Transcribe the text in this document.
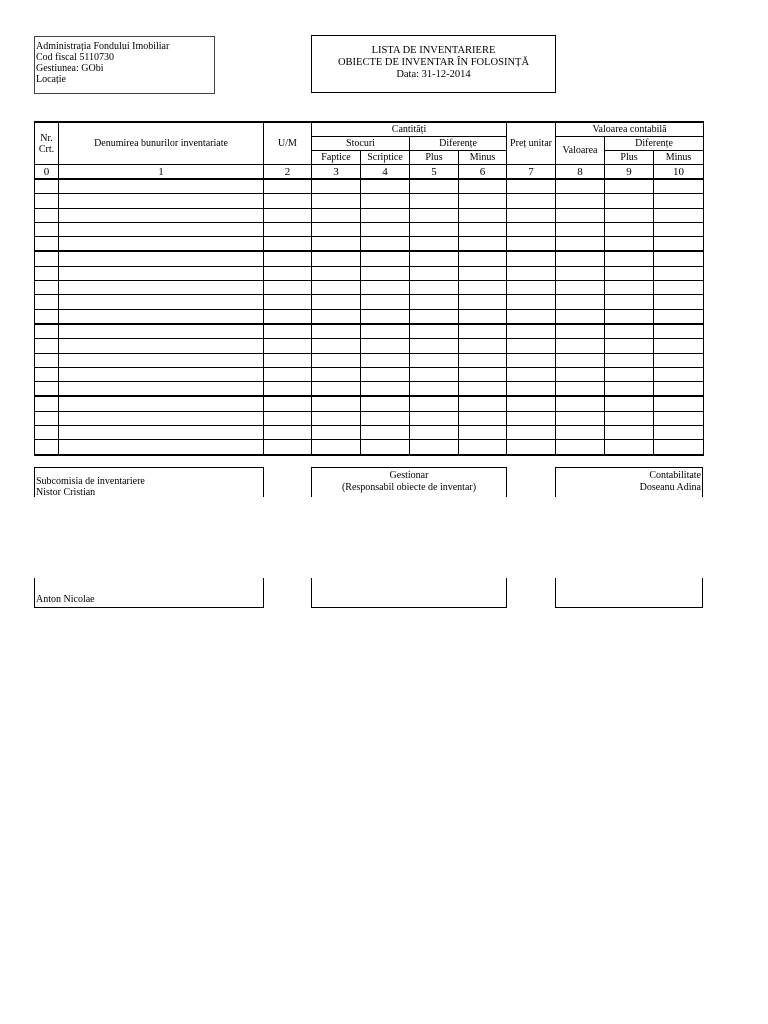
Administrația Fondului Imobiliar
Cod fiscal 5110730
Gestiunea: GObi
Locație
LISTA DE INVENTARIERE
OBIECTE DE INVENTAR ÎN FOLOSINȚĂ
Data: 31-12-2014
Nr.
Crt.	Denumirea bunurilor inventariate	U/M	Cantități				Preț unitar	Valoarea contabilă		
			Stocuri		Diferențe			Valoarea	Diferențe	
			Faptice	Scriptice	Plus	Minus			Plus	Minus
0	1	2	3	4	5	6	7	8	9	10

Subcomisia de inventariere
Nistor Cristian
Anton Nicolae
Gestionar
(Responsabil obiecte de inventar)
Contabilitate
Doseanu Adina
